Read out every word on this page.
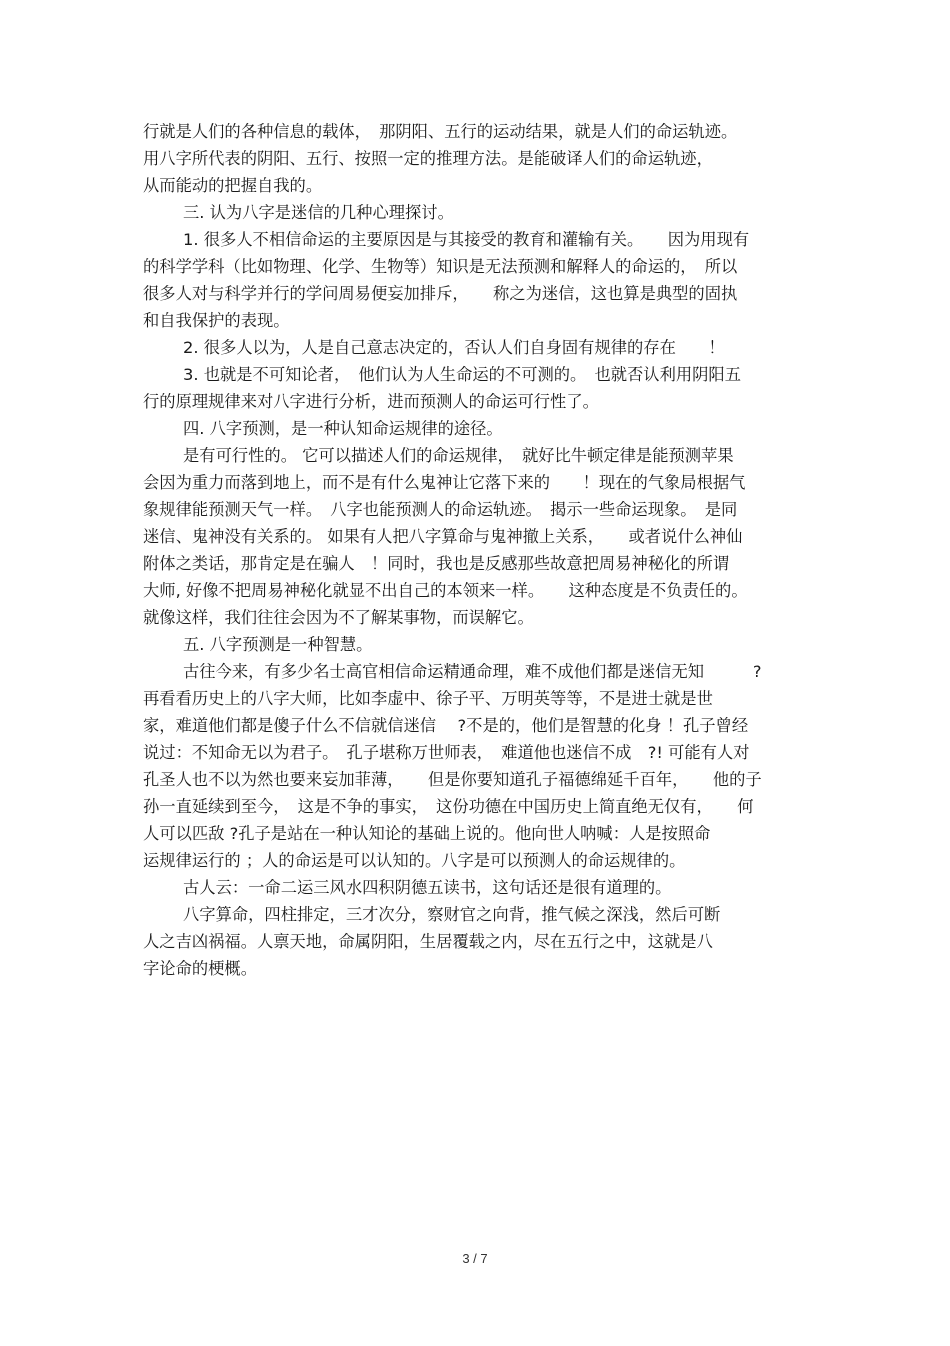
行就是人们的各种信息的载体，　那阴阳、五行的运动结果，就是人们的命运轨迹。
用八字所代表的阴阳、五行、按照一定的推理方法。是能破译人们的命运轨迹，
从而能动的把握自我的。
三. 认为八字是迷信的几种心理探讨。
1. 很多人不相信命运的主要原因是与其接受的教育和灌输有关。　　因为用现有
的科学学科（比如物理、化学、生物等）知识是无法预测和解释人的命运的，　所以
很多人对与科学并行的学问周易便妄加排斥，　　称之为迷信，这也算是典型的固执
和自我保护的表现。
2. 很多人以为，人是自己意志决定的，否认人们自身固有规律的存在　　！
3. 也就是不可知论者，　他们认为人生命运的不可测的。　也就否认利用阴阳五
行的原理规律来对八字进行分析，进而预测人的命运可行性了。
四. 八字预测，是一种认知命运规律的途径。
是有可行性的。 它可以描述人们的命运规律，　就好比牛顿定律是能预测苹果
会因为重力而落到地上，而不是有什么鬼神让它落下来的　　！现在的气象局根据气
象规律能预测天气一样。　八字也能预测人的命运轨迹。　揭示一些命运现象。　是同
迷信、鬼神没有关系的。 如果有人把八字算命与鬼神撤上关系，　　或者说什么神仙
附体之类话，那肯定是在骗人　！同时，我也是反感那些故意把周易神秘化的所谓
大师, 好像不把周易神秘化就显不出自己的本领来一样。　　这种态度是不负责任的。
就像这样，我们往往会因为不了解某事物，而误解它。
五. 八字预测是一种智慧。
古往今来，有多少名士高官相信命运精通命理，难不成他们都是迷信无知　　　?
再看看历史上的八字大师，比如李虚中、徐子平、万明英等等，不是进士就是世
家，难道他们都是傻子什么不信就信迷信　 ?不是的，他们是智慧的化身 ！孔子曾经
说过：不知命无以为君子。　孔子堪称万世师表，　难道他也迷信不成　?! 可能有人对
孔圣人也不以为然也要来妄加菲薄，　　但是你要知道孔子福德绵延千百年，　　他的子
孙一直延续到至今，　这是不争的事实，　这份功德在中国历史上简直绝无仅有，　　何
人可以匹敌 ?孔子是站在一种认知论的基础上说的。他向世人呐喊：人是按照命
运规律运行的 ；人的命运是可以认知的。八字是可以预测人的命运规律的。
古人云：一命二运三风水四积阴德五读书，这句话还是很有道理的。
八字算命，四柱排定，三才次分，察财官之向背，推气候之深浅，然后可断
人之吉凶祸福。人禀天地，命属阴阳，生居覆载之内，尽在五行之中，这就是八
字论命的梗概。
3 / 7
